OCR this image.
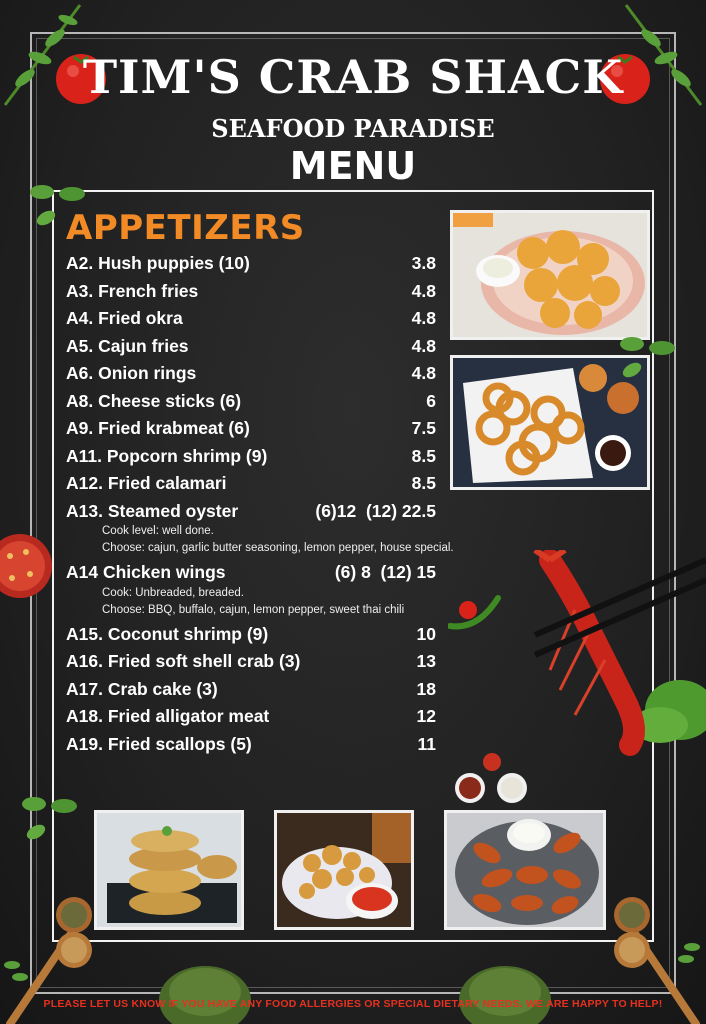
TIM'S CRAB SHACK
SEAFOOD PARADISE
MENU
APPETIZERS
A2. Hush puppies (10)	3.8
A3. French fries	4.8
A4. Fried okra	4.8
A5. Cajun fries	4.8
A6. Onion rings	4.8
A8. Cheese sticks (6)	6
A9. Fried krabmeat (6)	7.5
A11. Popcorn shrimp (9)	8.5
A12. Fried calamari	8.5
A13. Steamed oyster	(6)12  (12) 22.5
Cook level: well done.
Choose: cajun, garlic butter seasoning, lemon pepper, house special.
A14 Chicken wings	(6) 8  (12) 15
Cook: Unbreaded, breaded.
Choose: BBQ, buffalo, cajun, lemon pepper, sweet thai chili
A15. Coconut shrimp (9)	10
A16. Fried soft shell crab (3)	13
A17. Crab cake (3)	18
A18. Fried alligator meat	12
A19. Fried scallops (5)	11
PLEASE LET US KNOW IF YOU HAVE ANY FOOD ALLERGIES OR SPECIAL DIETARY NEEDS. WE ARE HAPPY TO HELP!
